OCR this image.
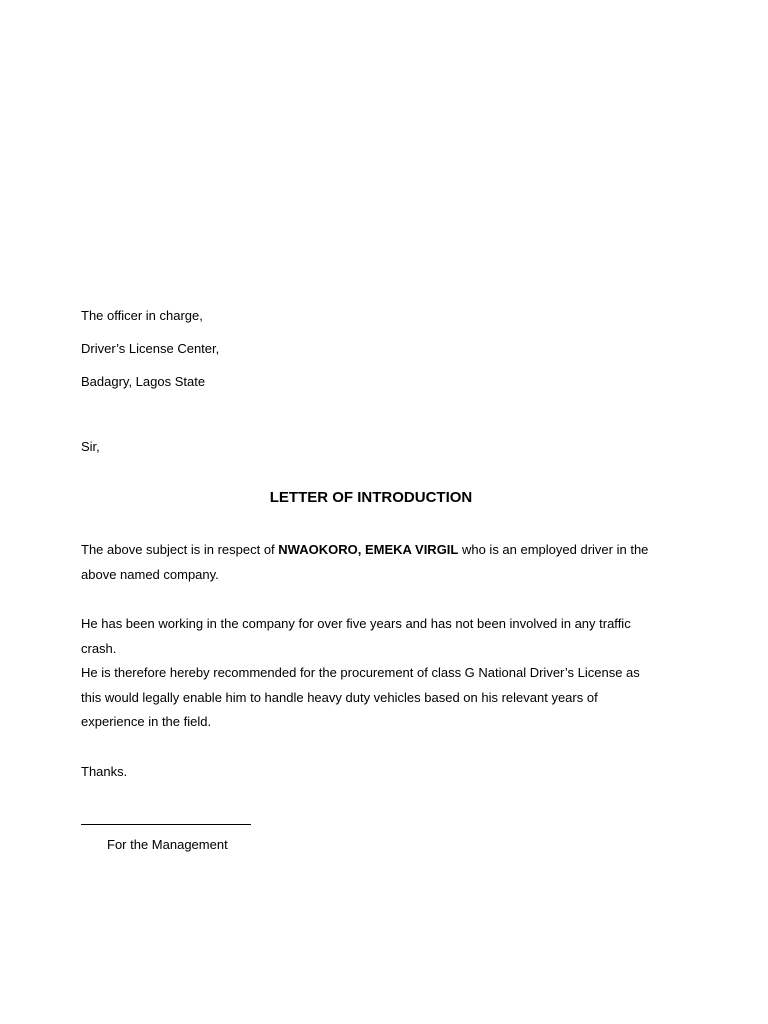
The officer in charge,
Driver’s License Center,
Badagry, Lagos State
Sir,
LETTER OF INTRODUCTION
The above subject is in respect of NWAOKORO, EMEKA VIRGIL who is an employed driver in the above named company.
He has been working in the company for over five years and has not been involved in any traffic crash.
He is therefore hereby recommended for the procurement of class G National Driver’s License as this would legally enable him to handle heavy duty vehicles based on his relevant years of experience in the field.
Thanks.
For the Management
